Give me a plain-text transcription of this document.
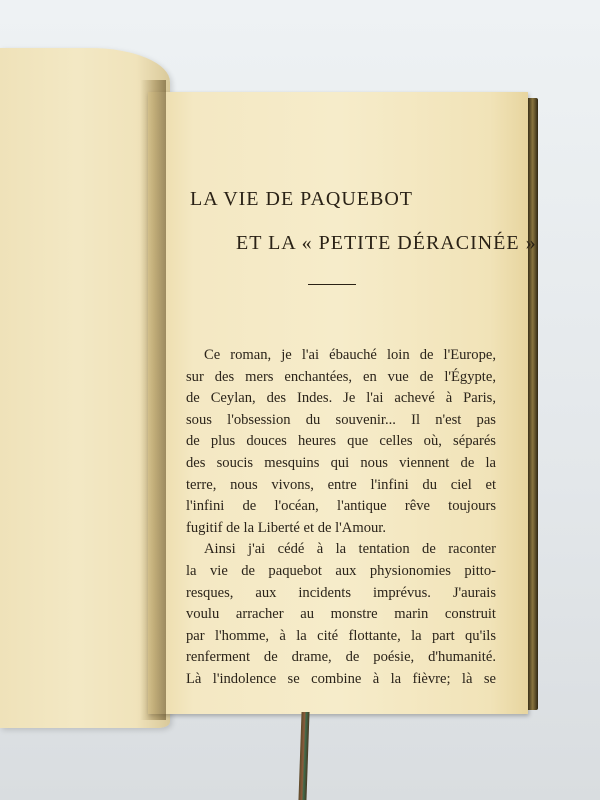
LA VIE DE PAQUEBOT
ET LA « PETITE DÉRACINÉE »
Ce roman, je l'ai ébauché loin de l'Europe,
sur des mers enchantées, en vue de l'Égypte,
de Ceylan, des Indes. Je l'ai achevé à Paris,
sous l'obsession du souvenir... Il n'est pas
de plus douces heures que celles où, séparés
des soucis mesquins qui nous viennent de la
terre, nous vivons, entre l'infini du ciel et
l'infini de l'océan, l'antique rêve toujours
fugitif de la Liberté et de l'Amour.
Ainsi j'ai cédé à la tentation de raconter
la vie de paquebot aux physionomies pitto-
resques, aux incidents imprévus. J'aurais
voulu arracher au monstre marin construit
par l'homme, à la cité flottante, la part qu'ils
renferment de drame, de poésie, d'humanité.
Là l'indolence se combine à la fièvre; là se
